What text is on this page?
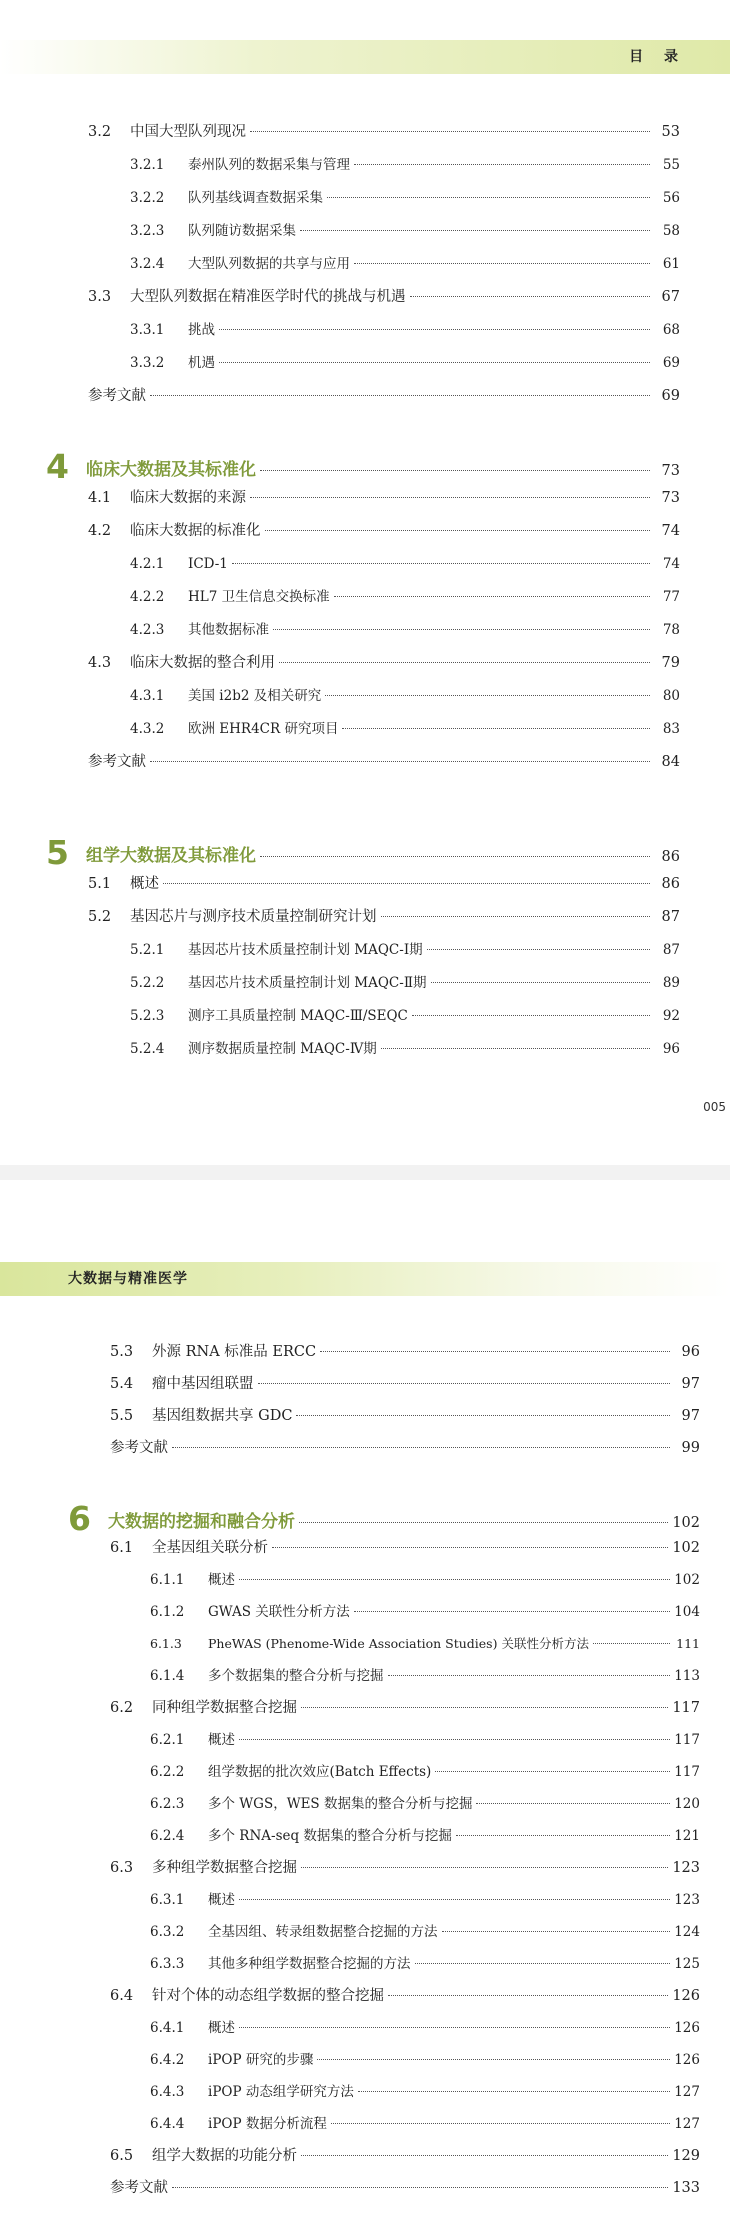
目 录
3.2	中国大型队列现况	53
3.2.1	泰州队列的数据采集与管理	55
3.2.2	队列基线调查数据采集	56
3.2.3	队列随访数据采集	58
3.2.4	大型队列数据的共享与应用	61
3.3	大型队列数据在精准医学时代的挑战与机遇	67
3.3.1	挑战	68
3.3.2	机遇	69
参考文献	69
4	临床大数据及其标准化	73
4.1	临床大数据的来源	73
4.2	临床大数据的标准化	74
4.2.1	ICD-1	74
4.2.2	HL7 卫生信息交换标准	77
4.2.3	其他数据标准	78
4.3	临床大数据的整合利用	79
4.3.1	美国 i2b2 及相关研究	80
4.3.2	欧洲 EHR4CR 研究项目	83
参考文献	84
5	组学大数据及其标准化	86
5.1	概述	86
5.2	基因芯片与测序技术质量控制研究计划	87
5.2.1	基因芯片技术质量控制计划 MAQC-Ⅰ期	87
5.2.2	基因芯片技术质量控制计划 MAQC-Ⅱ期	89
5.2.3	测序工具质量控制 MAQC-Ⅲ/SEQC	92
5.2.4	测序数据质量控制 MAQC-Ⅳ期	96
005
大数据与精准医学
5.3	外源 RNA 标准品 ERCC	96
5.4	瘤中基因组联盟	97
5.5	基因组数据共享 GDC	97
参考文献	99
6	大数据的挖掘和融合分析	102
6.1	全基因组关联分析	102
6.1.1	概述	102
6.1.2	GWAS 关联性分析方法	104
6.1.3	PheWAS (Phenome-Wide Association Studies) 关联性分析方法	111
6.1.4	多个数据集的整合分析与挖掘	113
6.2	同种组学数据整合挖掘	117
6.2.1	概述	117
6.2.2	组学数据的批次效应(Batch Effects)	117
6.2.3	多个 WGS，WES 数据集的整合分析与挖掘	120
6.2.4	多个 RNA-seq 数据集的整合分析与挖掘	121
6.3	多种组学数据整合挖掘	123
6.3.1	概述	123
6.3.2	全基因组、转录组数据整合挖掘的方法	124
6.3.3	其他多种组学数据整合挖掘的方法	125
6.4	针对个体的动态组学数据的整合挖掘	126
6.4.1	概述	126
6.4.2	iPOP 研究的步骤	126
6.4.3	iPOP 动态组学研究方法	127
6.4.4	iPOP 数据分析流程	127
6.5	组学大数据的功能分析	129
参考文献	133
